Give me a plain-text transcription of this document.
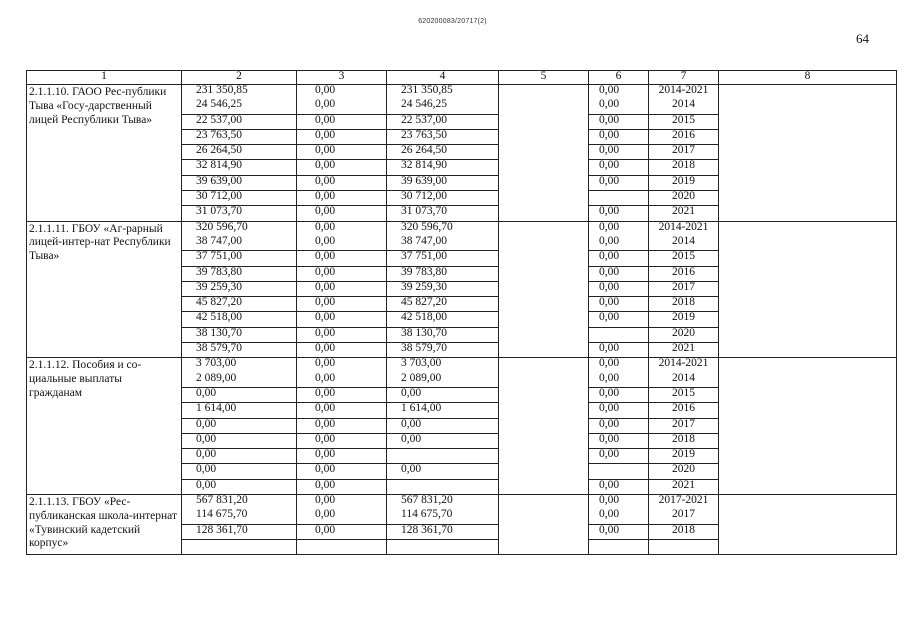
620200083/20717(2)
64
1	2	3	4	5	6	7	8
2.1.1.10. ГАОО Рес-публики Тыва «Госу-дарственный лицей Республики Тыва»	231 350,85	0,00	231 350,85		0,00	2014-2021	
	24 546,25	0,00	24 546,25		0,00	2014	
	22 537,00	0,00	22 537,00		0,00	2015	
	23 763,50	0,00	23 763,50		0,00	2016	
	26 264,50	0,00	26 264,50		0,00	2017	
	32 814,90	0,00	32 814,90		0,00	2018	
	39 639,00	0,00	39 639,00		0,00	2019	
	30 712,00	0,00	30 712,00			2020	
	31 073,70	0,00	31 073,70		0,00	2021	
2.1.1.11. ГБОУ «Аг-рарный лицей-интер-нат Республики Тыва»	320 596,70	0,00	320 596,70		0,00	2014-2021	
	38 747,00	0,00	38 747,00		0,00	2014	
	37 751,00	0,00	37 751,00		0,00	2015	
	39 783,80	0,00	39 783,80		0,00	2016	
	39 259,30	0,00	39 259,30		0,00	2017	
	45 827,20	0,00	45 827,20		0,00	2018	
	42 518,00	0,00	42 518,00		0,00	2019	
	38 130,70	0,00	38 130,70			2020	
	38 579,70	0,00	38 579,70		0,00	2021	
2.1.1.12. Пособия и со-циальные выплаты гражданам	3 703,00	0,00	3 703,00		0,00	2014-2021	
	2 089,00	0,00	2 089,00		0,00	2014	
	0,00	0,00	0,00		0,00	2015	
	1 614,00	0,00	1 614,00		0,00	2016	
	0,00	0,00	0,00		0,00	2017	
	0,00	0,00	0,00		0,00	2018	
	0,00	0,00			0,00	2019	
	0,00	0,00	0,00			2020	
	0,00	0,00			0,00	2021	
2.1.1.13. ГБОУ «Рес-публиканская школа-интернат «Тувинский кадетский корпус»	567 831,20	0,00	567 831,20		0,00	2017-2021	
	114 675,70	0,00	114 675,70		0,00	2017	
	128 361,70	0,00	128 361,70		0,00	2018	
